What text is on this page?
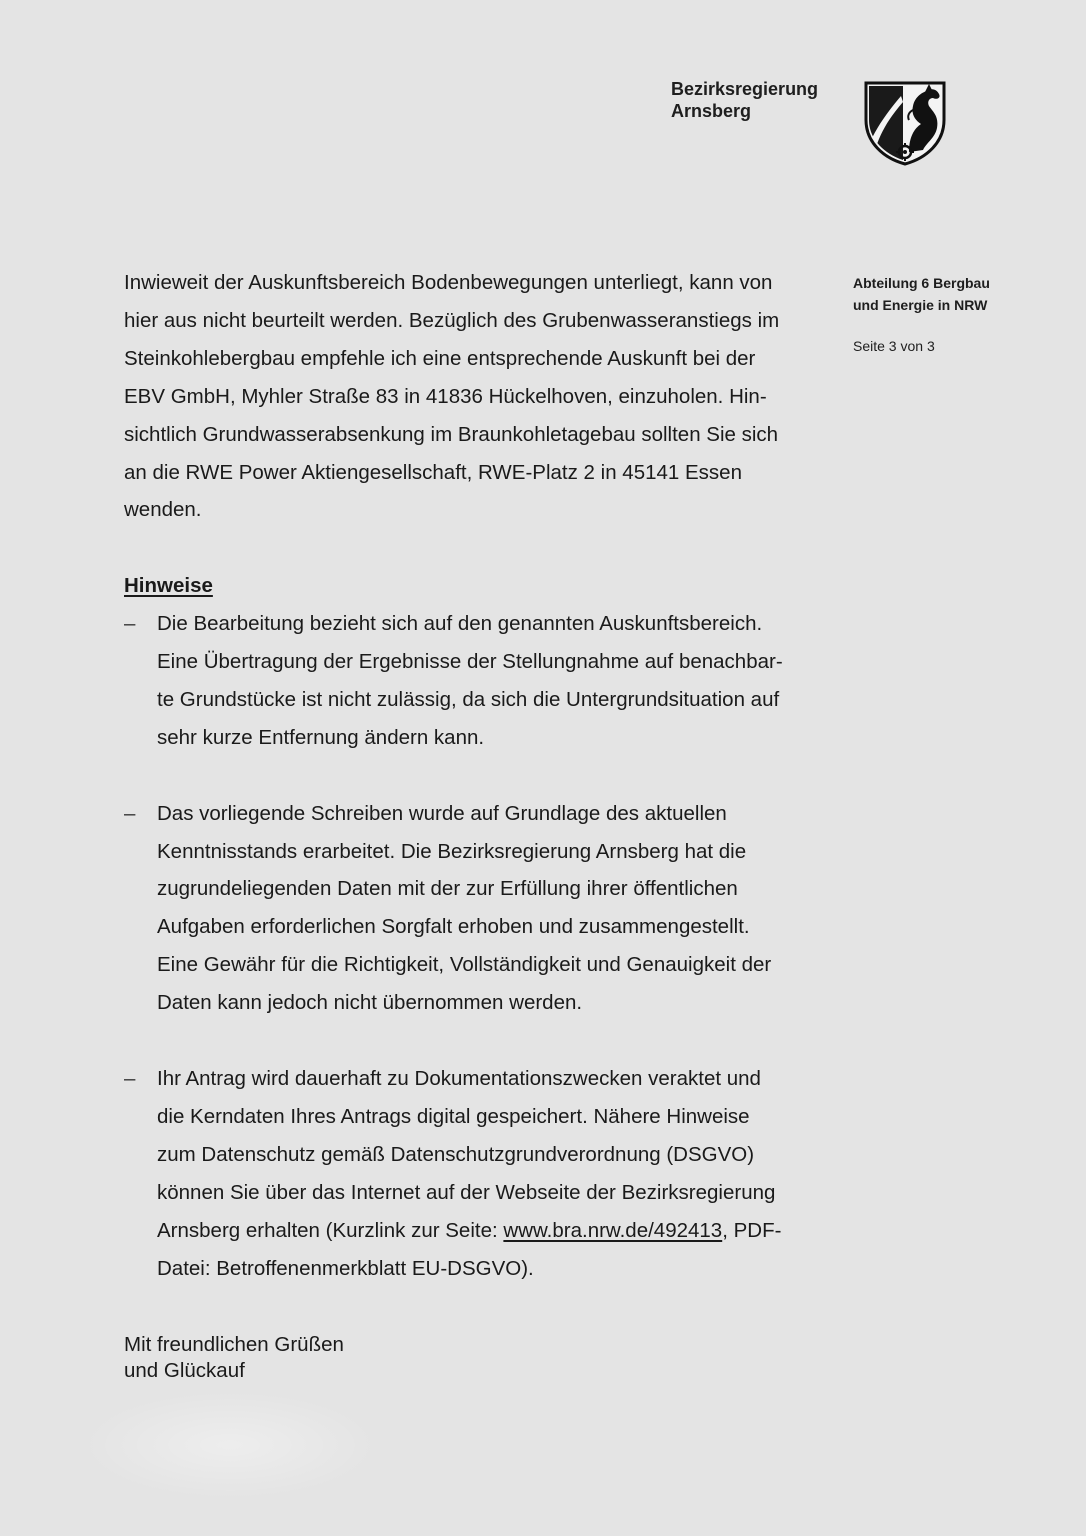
Bezirksregierung
Arnsberg
Abteilung 6 Bergbau
und Energie in NRW
Seite 3 von 3

Inwieweit der Auskunftsbereich Bodenbewegungen unterliegt, kann von
hier aus nicht beurteilt werden. Bezüglich des Grubenwasseranstiegs im
Steinkohlebergbau empfehle ich eine entsprechende Auskunft bei der
EBV GmbH, Myhler Straße 83 in 41836 Hückelhoven, einzuholen. Hin-
sichtlich Grundwasserabsenkung im Braunkohletagebau sollten Sie sich
an die RWE Power Aktiengesellschaft, RWE-Platz 2 in 45141 Essen
wenden.

Hinweise
–	Die Bearbeitung bezieht sich auf den genannten Auskunftsbereich.
Eine Übertragung der Ergebnisse der Stellungnahme auf benachbar-
te Grundstücke ist nicht zulässig, da sich die Untergrundsituation auf
sehr kurze Entfernung ändern kann.
–	Das vorliegende Schreiben wurde auf Grundlage des aktuellen
Kenntnisstands erarbeitet. Die Bezirksregierung Arnsberg hat die
zugrundeliegenden Daten mit der zur Erfüllung ihrer öffentlichen
Aufgaben erforderlichen Sorgfalt erhoben und zusammengestellt.
Eine Gewähr für die Richtigkeit, Vollständigkeit und Genauigkeit der
Daten kann jedoch nicht übernommen werden.
–	Ihr Antrag wird dauerhaft zu Dokumentationszwecken veraktet und
die Kerndaten Ihres Antrags digital gespeichert. Nähere Hinweise
zum Datenschutz gemäß Datenschutzgrundverordnung (DSGVO)
können Sie über das Internet auf der Webseite der Bezirksregierung
Arnsberg erhalten (Kurzlink zur Seite: www.bra.nrw.de/492413, PDF-
Datei: Betroffenenmerkblatt EU-DSGVO).
Mit freundlichen Grüßen
und Glückauf
